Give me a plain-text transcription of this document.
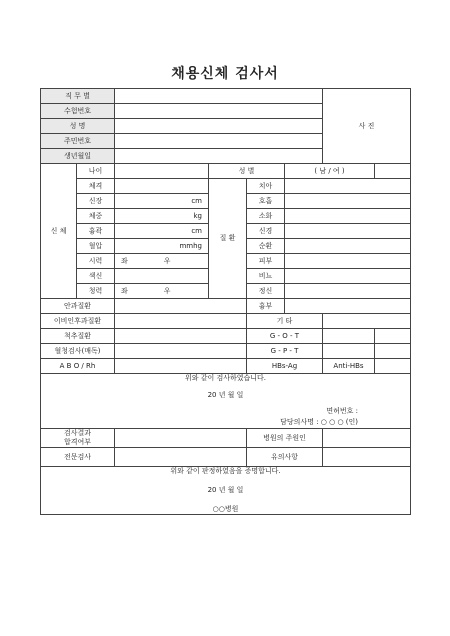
채용신체 검사서
직 무 별						사 진	
수험번호							
성 명							
주민번호							
생년월일							
신 체	나이		성 별		( 남 / 여 )		
	체격		질 환	치아			
	신장	cm		호흡			
	체중	kg		소화			
	흉곽	cm		신경			
	혈압	mmhg		순환			
	시력	좌 우		피부			
	색신			비뇨			
	청력	좌 우		정신			
안과질환				흉부			
이비인후과질환				기 타			
척추질환				G - O - T			
혈청검사(매독)				G - P - T			
A B O / Rh				HBs-Ag		Anti-HBs	

위와 같이 검사하였습니다.
20 년 월 일
면허번호 :
담당의사명 : ○ ○ ○ (인)							

검사결과
합격여부				병원의 주원인			
전문검사				유의사항			

위와 같이 판정하였음을 증명합니다.
20 년 월 일
○○병원							
